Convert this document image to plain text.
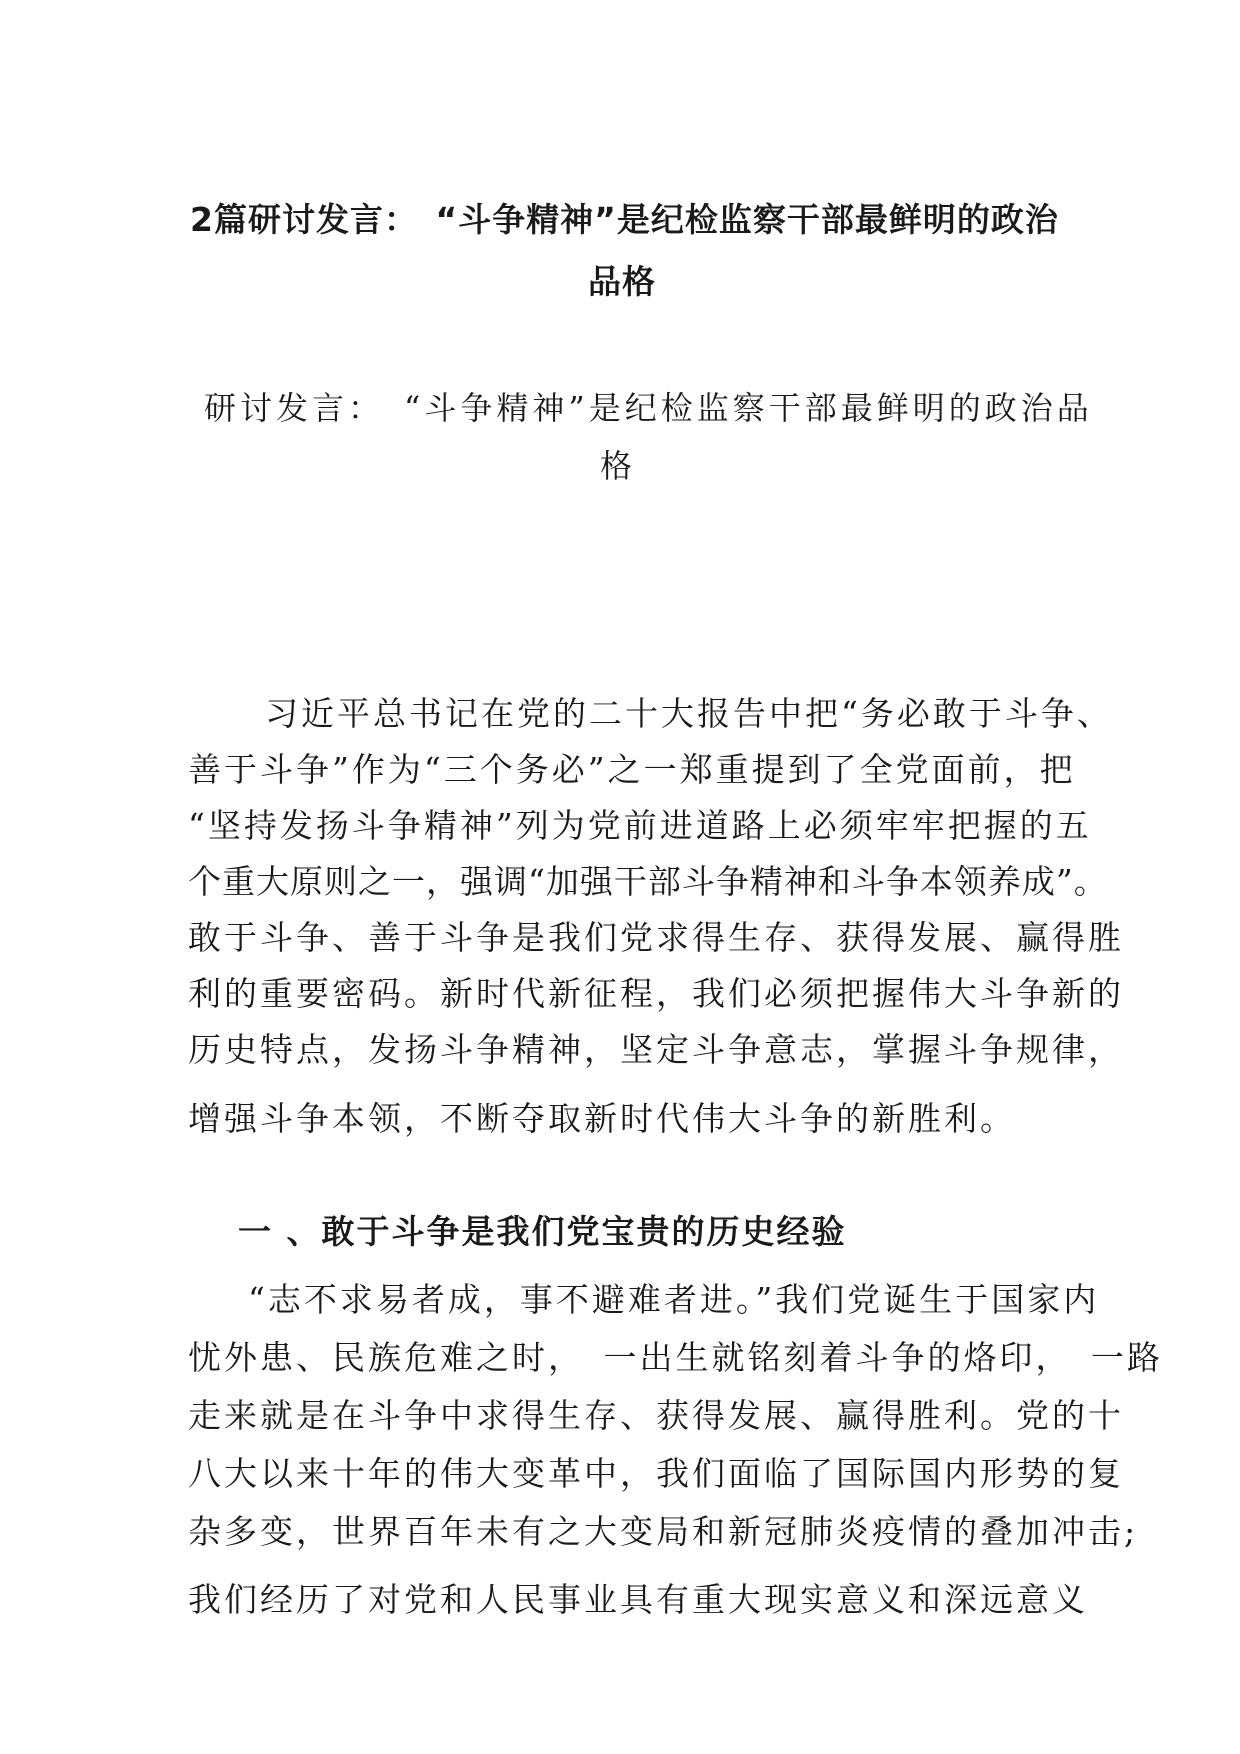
2篇研讨发言：　“斗争精神”是纪检监察干部最鲜明的政治
品格
研讨发言：　“斗争精神”是纪检监察干部最鲜明的政治品
格
习近平总书记在党的二十大报告中把“务必敢于斗争、
善于斗争”作为“三个务必”之一郑重提到了全党面前，把
“坚持发扬斗争精神”列为党前进道路上必须牢牢把握的五
个重大原则之一，强调“加强干部斗争精神和斗争本领养成”。
敢于斗争、善于斗争是我们党求得生存、获得发展、赢得胜
利的重要密码。新时代新征程，我们必须把握伟大斗争新的
历史特点，发扬斗争精神，坚定斗争意志，掌握斗争规律，
增强斗争本领，不断夺取新时代伟大斗争的新胜利。
一 、敢于斗争是我们党宝贵的历史经验
“志不求易者成，事不避难者进。”我们党诞生于国家内
忧外患、民族危难之时，　一出生就铭刻着斗争的烙印，　一路
走来就是在斗争中求得生存、获得发展、赢得胜利。党的十
八大以来十年的伟大变革中，我们面临了国际国内形势的复
杂多变，世界百年未有之大变局和新冠肺炎疫情的叠加冲击;
我们经历了对党和人民事业具有重大现实意义和深远意义
